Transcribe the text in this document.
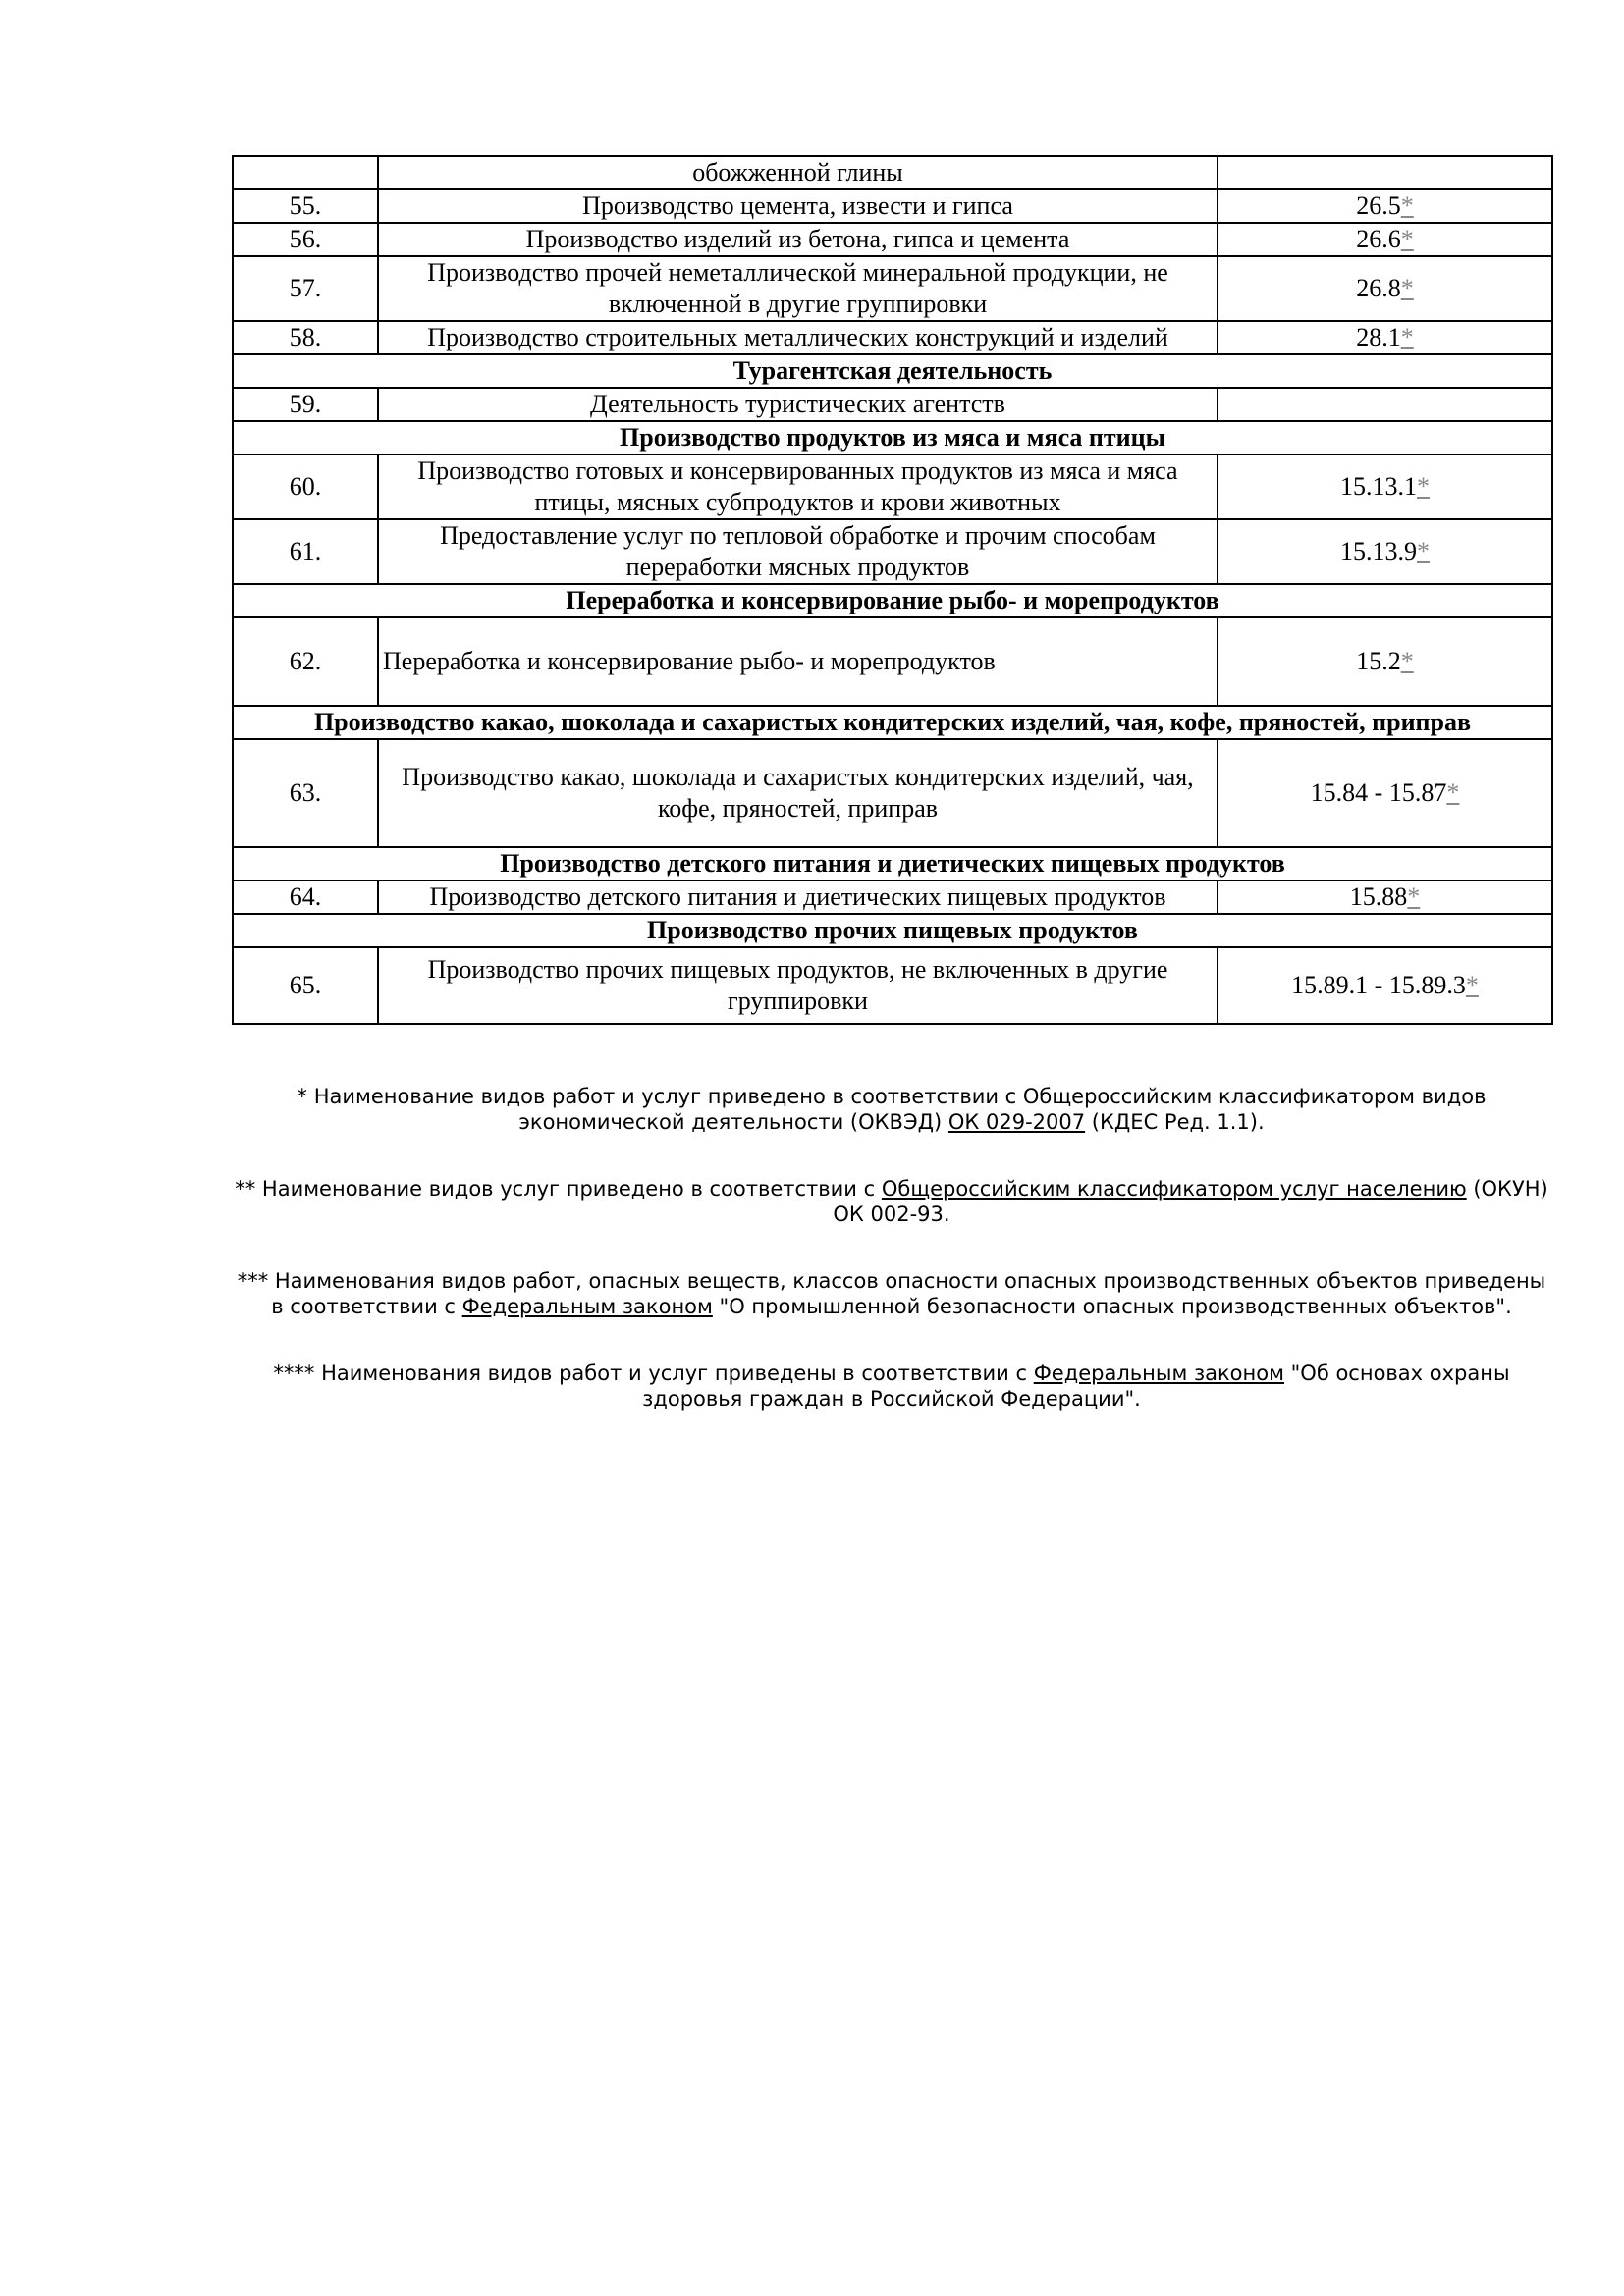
	обожженной глины	
55.	Производство цемента, извести и гипса	26.5*
56.	Производство изделий из бетона, гипса и цемента	26.6*
57.	Производство прочей неметаллической минеральной продукции, не включенной в другие группировки	26.8*
58.	Производство строительных металлических конструкций и изделий	28.1*
Турагентская деятельность		
59.	Деятельность туристических агентств	
Производство продуктов из мяса и мяса птицы		
60.	Производство готовых и консервированных продуктов из мяса и мяса птицы, мясных субпродуктов и крови животных	15.13.1*
61.	Предоставление услуг по тепловой обработке и прочим способам переработки мясных продуктов	15.13.9*
Переработка и консервирование рыбо- и морепродуктов		
62.	Переработка и консервирование рыбо- и морепродуктов	15.2*
Производство какао, шоколада и сахаристых кондитерских изделий, чая, кофе, пряностей, приправ		
63.	Производство какао, шоколада и сахаристых кондитерских изделий, чая, кофе, пряностей, приправ	15.84 - 15.87*
Производство детского питания и диетических пищевых продуктов		
64.	Производство детского питания и диетических пищевых продуктов	15.88*
Производство прочих пищевых продуктов		
65.	Производство прочих пищевых продуктов, не включенных в другие группировки	15.89.1 - 15.89.3*

* Наименование видов работ и услуг приведено в соответствии с Общероссийским классификатором видов экономической деятельности (ОКВЭД) ОК 029-2007 (КДЕС Ред. 1.1).

** Наименование видов услуг приведено в соответствии с Общероссийским классификатором услуг населению (ОКУН) ОК 002-93.

*** Наименования видов работ, опасных веществ, классов опасности опасных производственных объектов приведены в соответствии с Федеральным законом "О промышленной безопасности опасных производственных объектов".

**** Наименования видов работ и услуг приведены в соответствии с Федеральным законом "Об основах охраны здоровья граждан в Российской Федерации".
